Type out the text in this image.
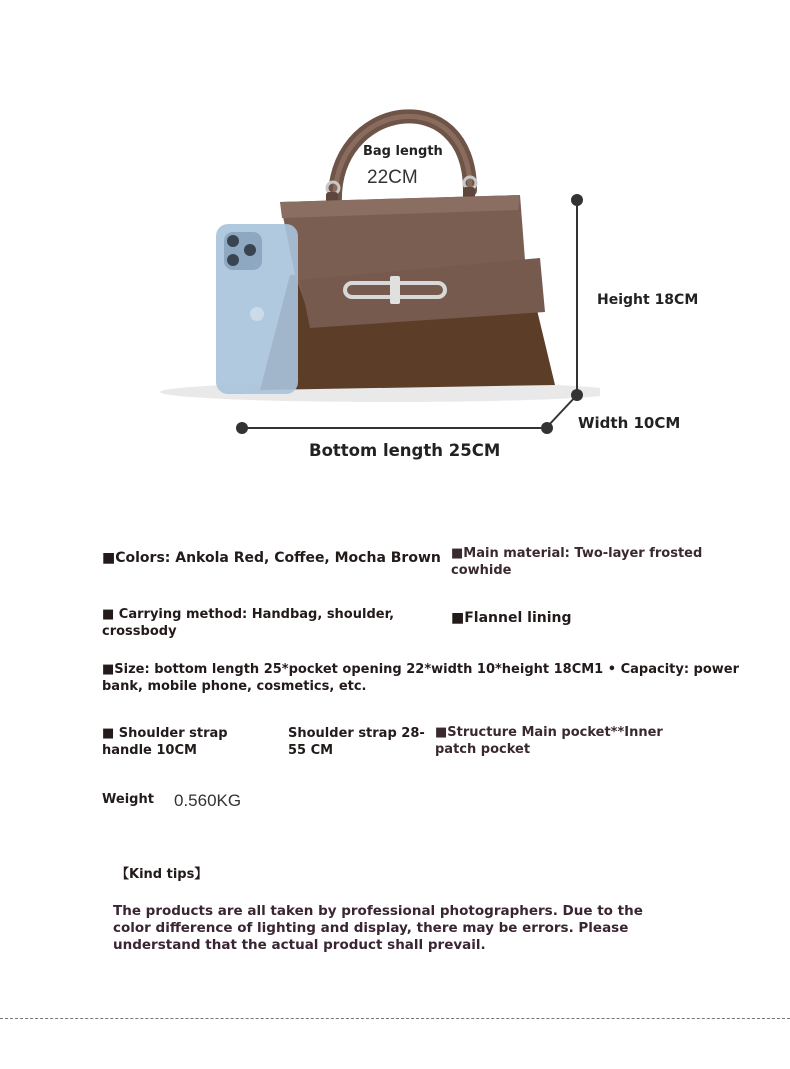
Bag length
22CM
Height 18CM
Width 10CM
Bottom length 25CM
■Colors: Ankola Red, Coffee, Mocha Brown ■Main material: Two-layer frosted cowhide
■ Carrying method: Handbag, shoulder, crossbody
■Flannel lining
■Size: bottom length 25*pocket opening 22*width 10*height 18CM1 • Capacity: power bank, mobile phone, cosmetics, etc.
■ Shoulder strap handle 10CM
Shoulder strap 28-55 CM
■Structure Main pocket**Inner patch pocket
Weight 0.560KG
【Kind tips】
The products are all taken by professional photographers. Due to the color difference of lighting and display, there may be errors. Please understand that the actual product shall prevail.
